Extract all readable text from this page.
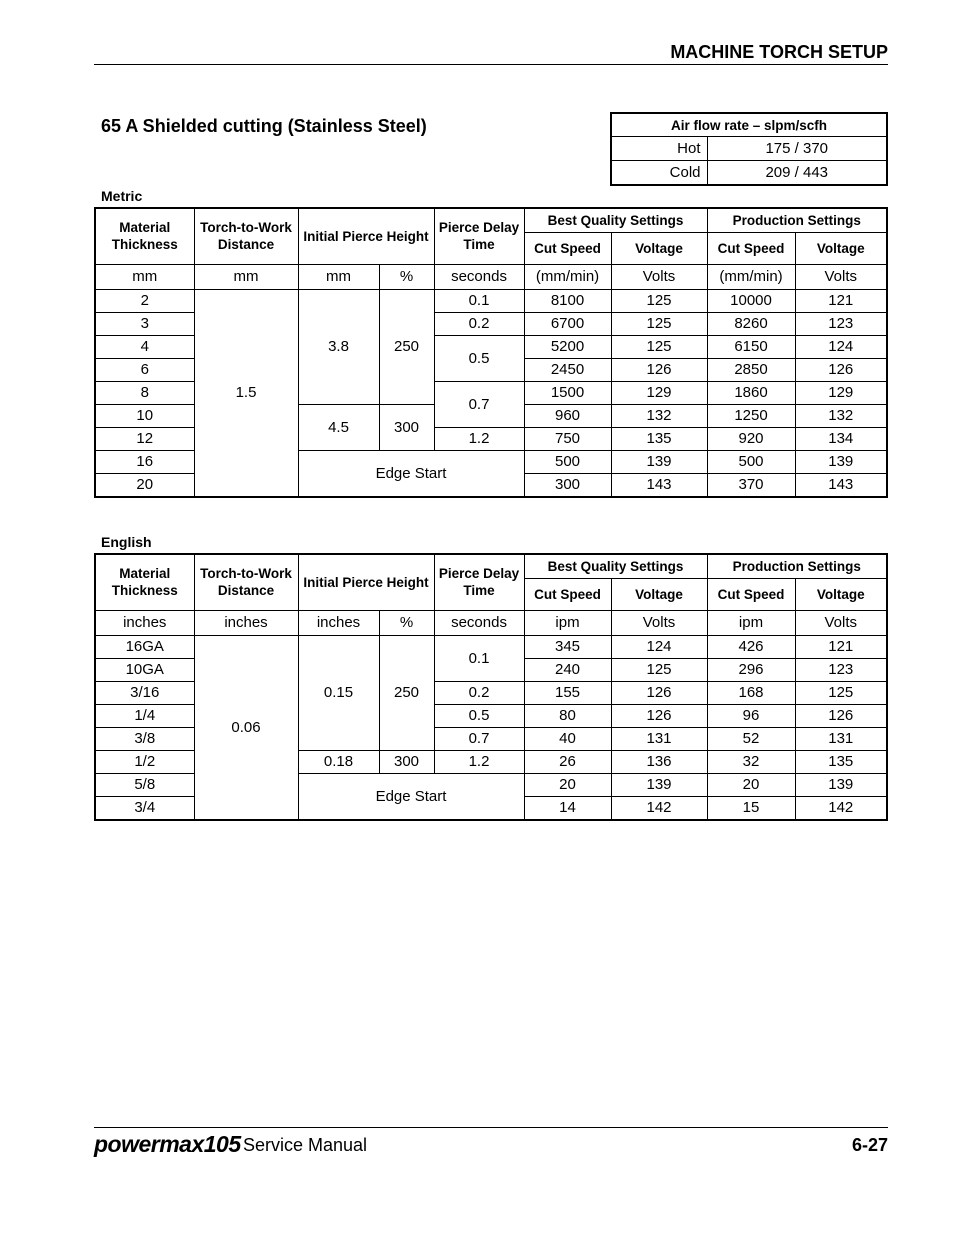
MACHINE TORCH SETUP
65 A Shielded cutting (Stainless Steel)	Air flow rate – slpm/scfh	
Hot	175 / 370
Cold	209 / 443
Metric
Material Thickness	Torch-to-Work Distance	Initial Pierce Height		Pierce Delay Time	Best Quality Settings		Production Settings	
					Cut Speed	Voltage	Cut Speed	Voltage
mm	mm	mm	%	seconds	(mm/min)	Volts	(mm/min)	Volts
2	1.5	3.8	250	0.1	8100	125	10000	121
3				0.2	6700	125	8260	123
4				0.5	5200	125	6150	124
6					2450	126	2850	126
8				0.7	1500	129	1860	129
10		4.5	300		960	132	1250	132
12				1.2	750	135	920	134
16		Edge Start			500	139	500	139
20					300	143	370	143
English
Material Thickness	Torch-to-Work Distance	Initial Pierce Height		Pierce Delay Time	Best Quality Settings		Production Settings	
					Cut Speed	Voltage	Cut Speed	Voltage
inches	inches	inches	%	seconds	ipm	Volts	ipm	Volts
16GA	0.06	0.15	250	0.1	345	124	426	121
10GA					240	125	296	123
3/16				0.2	155	126	168	125
1/4				0.5	80	126	96	126
3/8				0.7	40	131	52	131
1/2		0.18	300	1.2	26	136	32	135
5/8		Edge Start			20	139	20	139
3/4					14	142	15	142
powermax105 Service Manual	6-27
